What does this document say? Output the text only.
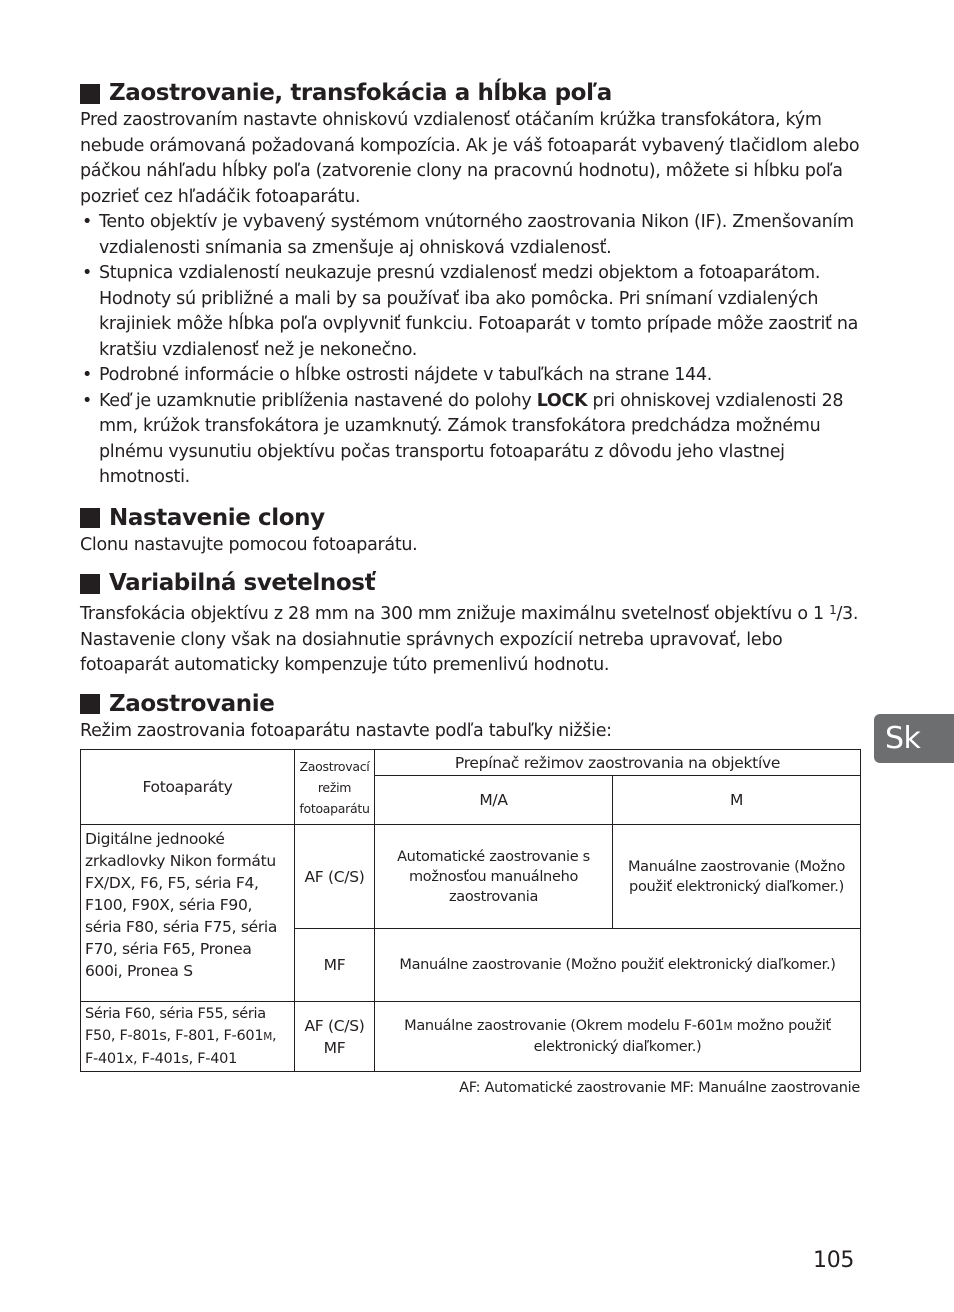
Zaostrovanie, transfokácia a hĺbka poľa

Pred zaostrovaním nastavte ohniskovú vzdialenosť otáčaním krúžka transfokátora, kým nebude orámovaná požadovaná kompozícia. Ak je váš fotoaparát vybavený tlačidlom alebo páčkou náhľadu hĺbky poľa (zatvorenie clony na pracovnú hodnotu), môžete si hĺbku poľa pozrieť cez hľadáčik fotoaparátu.

• Tento objektív je vybavený systémom vnútorného zaostrovania Nikon (IF). Zmenšovaním vzdialenosti snímania sa zmenšuje aj ohnisková vzdialenosť.
• Stupnica vzdialeností neukazuje presnú vzdialenosť medzi objektom a fotoaparátom. Hodnoty sú približné a mali by sa používať iba ako pomôcka. Pri snímaní vzdialených krajiniek môže hĺbka poľa ovplyvniť funkciu. Fotoaparát v tomto prípade môže zaostriť na kratšiu vzdialenosť než je nekonečno.
• Podrobné informácie o hĺbke ostrosti nájdete v tabuľkách na strane 144.
• Keď je uzamknutie priblíženia nastavené do polohy LOCK pri ohniskovej vzdialenosti 28 mm, krúžok transfokátora je uzamknutý. Zámok transfokátora predchádza možnému plnému vysunutiu objektívu počas transportu fotoaparátu z dôvodu jeho vlastnej hmotnosti.
Nastavenie clony

Clonu nastavujte pomocou fotoaparátu.

Variabilná svetelnosť

Transfokácia objektívu z 28 mm na 300 mm znižuje maximálnu svetelnosť objektívu o 1 $^1$/3. Nastavenie clony však na dosiahnutie správnych expozícií netreba upravovať, lebo fotoaparát automaticky kompenzuje túto premenlivú hodnotu.

Zaostrovanie

Režim zaostrovania fotoaparátu nastavte podľa tabuľky nižšie:

Fotoaparáty	Zaostrovací režim fotoaparátu	Prepínač režimov zaostrovania na objektíve	
		M/A	M
Digitálne jednooké zrkadlovky Nikon formátu FX/DX, F6, F5, séria F4, F100, F90X, séria F90, séria F80, séria F75, séria F70, séria F65, Pronea 600i, Pronea S	AF (C/S)	Automatické zaostrovanie s možnosťou manuálneho zaostrovania	Manuálne zaostrovanie (Možno použiť elektronický diaľkomer.)
	MF	Manuálne zaostrovanie (Možno použiť elektronický diaľkomer.)	
Séria F60, séria F55, séria F50, F-801s, F-801, F-601M, F-401x, F-401s, F-401	AF (C/S) MF	Manuálne zaostrovanie (Okrem modelu F-601M možno použiť elektronický diaľkomer.)	
AF: Automatické zaostrovanie MF: Manuálne zaostrovanie
Sk
105
